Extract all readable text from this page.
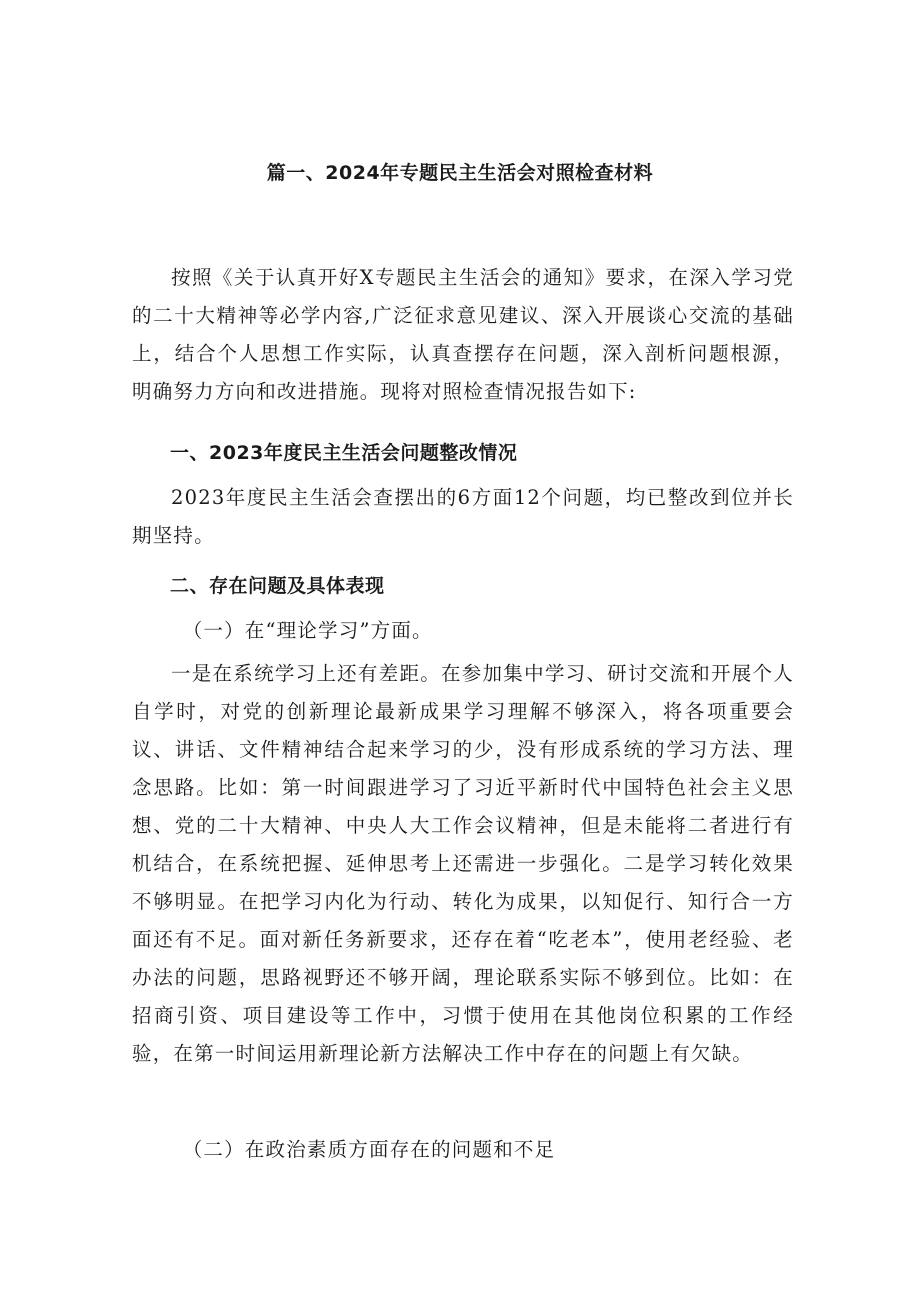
篇一、2024年专题民主生活会对照检查材料
按照《关于认真开好X专题民主生活会的通知》要求，在深入学习党的二十大精神等必学内容,广泛征求意见建议、深入开展谈心交流的基础上，结合个人思想工作实际，认真查摆存在问题，深入剖析问题根源，明确努力方向和改进措施。现将对照检查情况报告如下:
一、2023年度民主生活会问题整改情况
2023年度民主生活会查摆出的6方面12个问题，均已整改到位并长期坚持。
二、存在问题及具体表现
（一）在“理论学习”方面。
一是在系统学习上还有差距。在参加集中学习、研讨交流和开展个人自学时，对党的创新理论最新成果学习理解不够深入，将各项重要会议、讲话、文件精神结合起来学习的少，没有形成系统的学习方法、理念思路。比如：第一时间跟进学习了习近平新时代中国特色社会主义思想、党的二十大精神、中央人大工作会议精神，但是未能将二者进行有机结合，在系统把握、延伸思考上还需进一步强化。二是学习转化效果不够明显。在把学习内化为行动、转化为成果，以知促行、知行合一方面还有不足。面对新任务新要求，还存在着“吃老本”，使用老经验、老办法的问题，思路视野还不够开阔，理论联系实际不够到位。比如：在招商引资、项目建设等工作中，习惯于使用在其他岗位积累的工作经验，在第一时间运用新理论新方法解决工作中存在的问题上有欠缺。
（二）在政治素质方面存在的问题和不足
